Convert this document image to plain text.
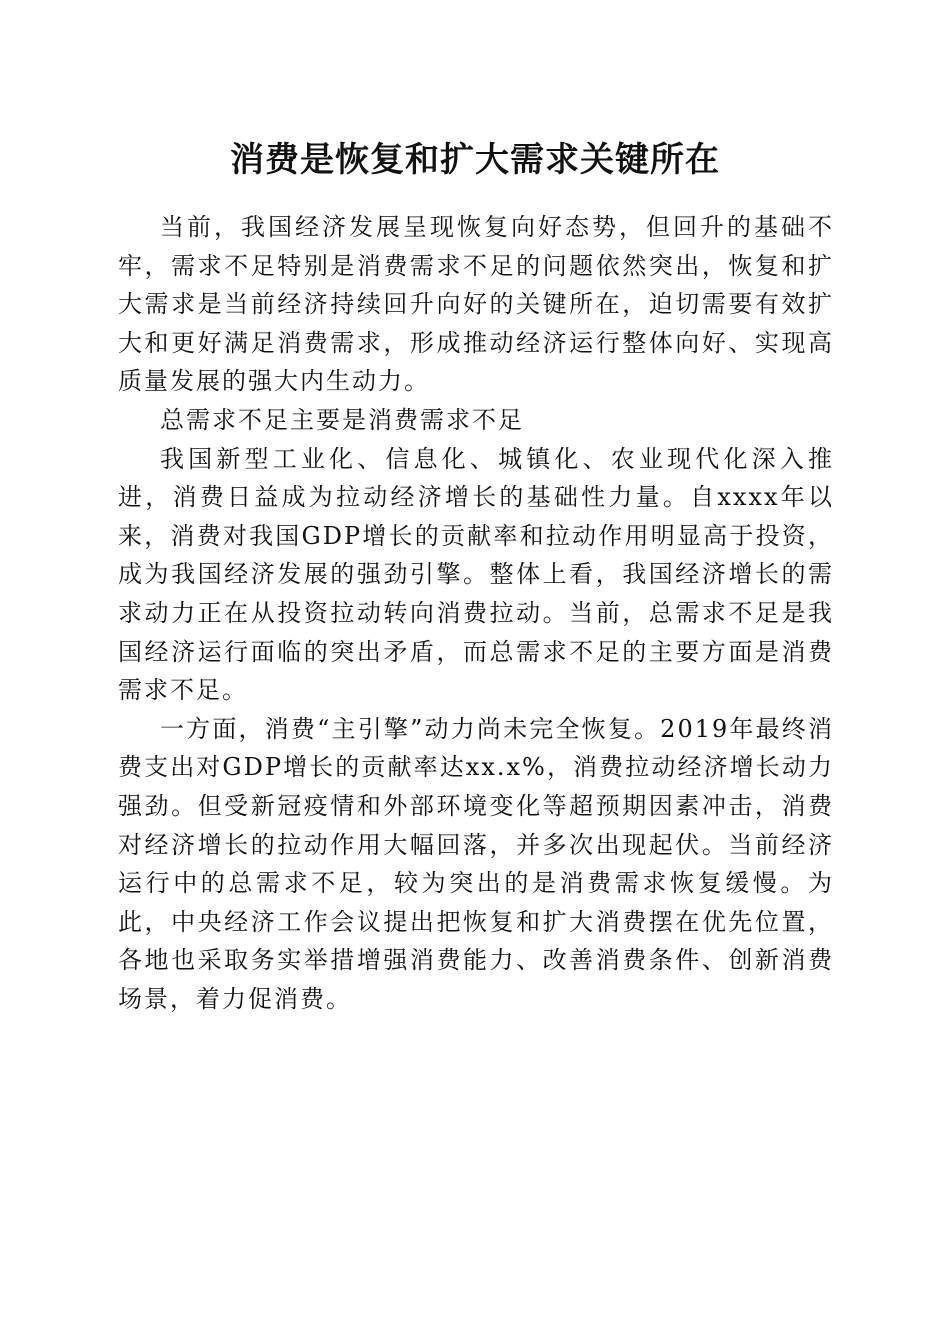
消费是恢复和扩大需求关键所在

当前，我国经济发展呈现恢复向好态势，但回升的基础不牢，需求不足特别是消费需求不足的问题依然突出，恢复和扩大需求是当前经济持续回升向好的关键所在，迫切需要有效扩大和更好满足消费需求，形成推动经济运行整体向好、实现高质量发展的强大内生动力。

总需求不足主要是消费需求不足

我国新型工业化、信息化、城镇化、农业现代化深入推进，消费日益成为拉动经济增长的基础性力量。自xxxx年以来，消费对我国GDP增长的贡献率和拉动作用明显高于投资，成为我国经济发展的强劲引擎。整体上看，我国经济增长的需求动力正在从投资拉动转向消费拉动。当前，总需求不足是我国经济运行面临的突出矛盾，而总需求不足的主要方面是消费需求不足。

一方面，消费“主引擎”动力尚未完全恢复。2019年最终消费支出对GDP增长的贡献率达xx.x%，消费拉动经济增长动力强劲。但受新冠疫情和外部环境变化等超预期因素冲击，消费对经济增长的拉动作用大幅回落，并多次出现起伏。当前经济运行中的总需求不足，较为突出的是消费需求恢复缓慢。为此，中央经济工作会议提出把恢复和扩大消费摆在优先位置，各地也采取务实举措增强消费能力、改善消费条件、创新消费场景，着力促消费。
